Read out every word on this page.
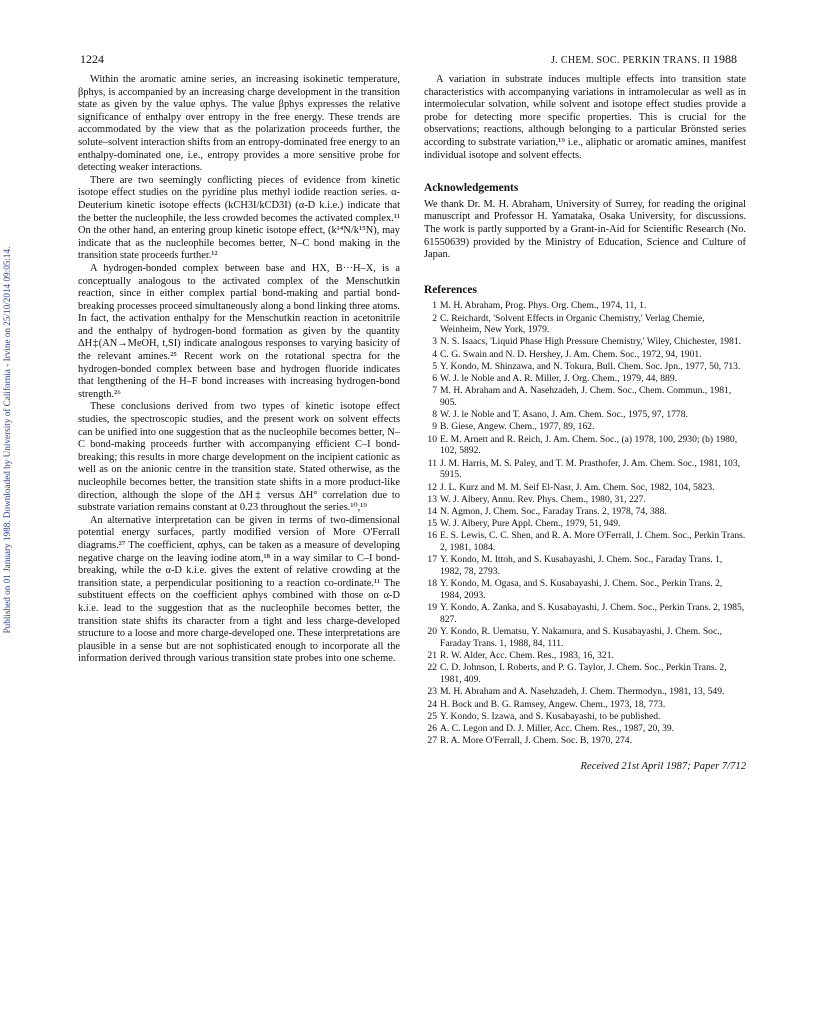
1224	J. CHEM. SOC. PERKIN TRANS. II 1988
Published on 01 January 1988. Downloaded by University of California - Irvine on 25/10/2014 09:05:14.

Within the aromatic amine series, an increasing isokinetic temperature, βphys, is accompanied by an increasing charge development in the transition state as given by the value αphys. The value βphys expresses the relative significance of enthalpy over entropy in the free energy. These trends are accommodated by the view that as the polarization proceeds further, the solute–solvent interaction shifts from an entropy-dominated free energy to an enthalpy-dominated one, i.e., entropy provides a more sensitive probe for detecting weaker interactions.

There are two seemingly conflicting pieces of evidence from kinetic isotope effect studies on the pyridine plus methyl iodide reaction series. α-Deuterium kinetic isotope effects (kCH3I/kCD3I) (α-D k.i.e.) indicate that the better the nucleophile, the less crowded becomes the activated complex.¹¹ On the other hand, an entering group kinetic isotope effect, (k¹⁴N/k¹⁵N), may indicate that as the nucleophile becomes better, N–C bond making in the transition state proceeds further.¹²

A hydrogen-bonded complex between base and HX, B···H–X, is a conceptually analogous to the activated complex of the Menschutkin reaction, since in either complex partial bond-making and partial bond-breaking processes proceed simultaneously along a bond linking three atoms. In fact, the activation enthalpy for the Menschutkin reaction in acetonitrile and the enthalpy of hydrogen-bond formation as given by the quantity ΔH‡(AN→MeOH, t,SI) indicate analogous responses to varying basicity of the relevant amines.²⁵ Recent work on the rotational spectra for the hydrogen-bonded complex between base and hydrogen fluoride indicates that lengthening of the H–F bond increases with increasing hydrogen-bond strength.²⁶

These conclusions derived from two types of kinetic isotope effect studies, the spectroscopic studies, and the present work on solvent effects can be unified into one suggestion that as the nucleophile becomes better, N–C bond-making proceeds further with accompanying efficient C–I bond-breaking; this results in more charge development on the incipient cationic as well as on the anionic centre in the transition state. Stated otherwise, as the nucleophile becomes better, the transition state shifts in a more product-like direction, although the slope of the ΔH‡ versus ΔH° correlation due to substrate variation remains constant at 0.23 throughout the series.¹⁰,¹⁹

An alternative interpretation can be given in terms of two-dimensional potential energy surfaces, partly modified version of More O'Ferrall diagrams.²⁷ The coefficient, αphys, can be taken as a measure of developing negative charge on the leaving iodine atom,¹⁸ in a way similar to C–I bond-breaking, while the α-D k.i.e. gives the extent of relative crowding at the transition state, a perpendicular positioning to a reaction co-ordinate.¹¹ The substituent effects on the coefficient αphys combined with those on α-D k.i.e. lead to the suggestion that as the nucleophile becomes better, the transition state shifts its character from a tight and less charge-developed structure to a loose and more charge-developed one. These interpretations are plausible in a sense but are not sophisticated enough to incorporate all the information derived through various transition state probes into one scheme.

A variation in substrate induces multiple effects into transition state characteristics with accompanying variations in intramolecular as well as in intermolecular solvation, while solvent and isotope effect studies provide a probe for detecting more specific properties. This is crucial for the observations; reactions, although belonging to a particular Brönsted series according to substrate variation,¹⁹ i.e., aliphatic or aromatic amines, manifest individual isotope and solvent effects.

Acknowledgements

We thank Dr. M. H. Abraham, University of Surrey, for reading the original manuscript and Professor H. Yamataka, Osaka University, for discussions. The work is partly supported by a Grant-in-Aid for Scientific Research (No. 61550639) provided by the Ministry of Education, Science and Culture of Japan.

References
1 M. H. Abraham, Prog. Phys. Org. Chem., 1974, 11, 1.
2 C. Reichardt, 'Solvent Effects in Organic Chemistry,' Verlag Chemie, Weinheim, New York, 1979.
3 N. S. Isaacs, 'Liquid Phase High Pressure Chemistry,' Wiley, Chichester, 1981.
4 C. G. Swain and N. D. Hershey, J. Am. Chem. Soc., 1972, 94, 1901.
5 Y. Kondo, M. Shinzawa, and N. Tokura, Bull. Chem. Soc. Jpn., 1977, 50, 713.
6 W. J. le Noble and A. R. Miller, J. Org. Chem., 1979, 44, 889.
7 M. H. Abraham and A. Nasehzadeh, J. Chem. Soc., Chem. Commun., 1981, 905.
8 W. J. le Noble and T. Asano, J. Am. Chem. Soc., 1975, 97, 1778.
9 B. Giese, Angew. Chem., 1977, 89, 162.
10 E. M. Arnett and R. Reich, J. Am. Chem. Soc., (a) 1978, 100, 2930; (b) 1980, 102, 5892.
11 J. M. Harris, M. S. Paley, and T. M. Prasthofer, J. Am. Chem. Soc., 1981, 103, 5915.
12 J. L. Kurz and M. M. Seif El-Nasr, J. Am. Chem. Soc, 1982, 104, 5823.
13 W. J. Albery, Annu. Rev. Phys. Chem., 1980, 31, 227.
14 N. Agmon, J. Chem. Soc., Faraday Trans. 2, 1978, 74, 388.
15 W. J. Albery, Pure Appl. Chem., 1979, 51, 949.
16 E. S. Lewis, C. C. Shen, and R. A. More O'Ferrall, J. Chem. Soc., Perkin Trans. 2, 1981, 1084.
17 Y. Kondo, M. Ittoh, and S. Kusabayashi, J. Chem. Soc., Faraday Trans. 1, 1982, 78, 2793.
18 Y. Kondo, M. Ogasa, and S. Kusabayashi, J. Chem. Soc., Perkin Trans. 2, 1984, 2093.
19 Y. Kondo, A. Zanka, and S. Kusabayashi, J. Chem. Soc., Perkin Trans. 2, 1985, 827.
20 Y. Kondo, R. Uematsu, Y. Nakamura, and S. Kusabayashi, J. Chem. Soc., Faraday Trans. 1, 1988, 84, 111.
21 R. W. Alder, Acc. Chem. Res., 1983, 16, 321.
22 C. D. Johnson, I. Roberts, and P. G. Taylor, J. Chem. Soc., Perkin Trans. 2, 1981, 409.
23 M. H. Abraham and A. Nasehzadeh, J. Chem. Thermodyn., 1981, 13, 549.
24 H. Bock and B. G. Ramsey, Angew. Chem., 1973, 18, 773.
25 Y. Kondo, S. Izawa, and S. Kusabayashi, to be published.
26 A. C. Legon and D. J. Miller, Acc. Chem. Res., 1987, 20, 39.
27 R. A. More O'Ferrall, J. Chem. Soc. B, 1970, 274.
Received 21st April 1987; Paper 7/712
